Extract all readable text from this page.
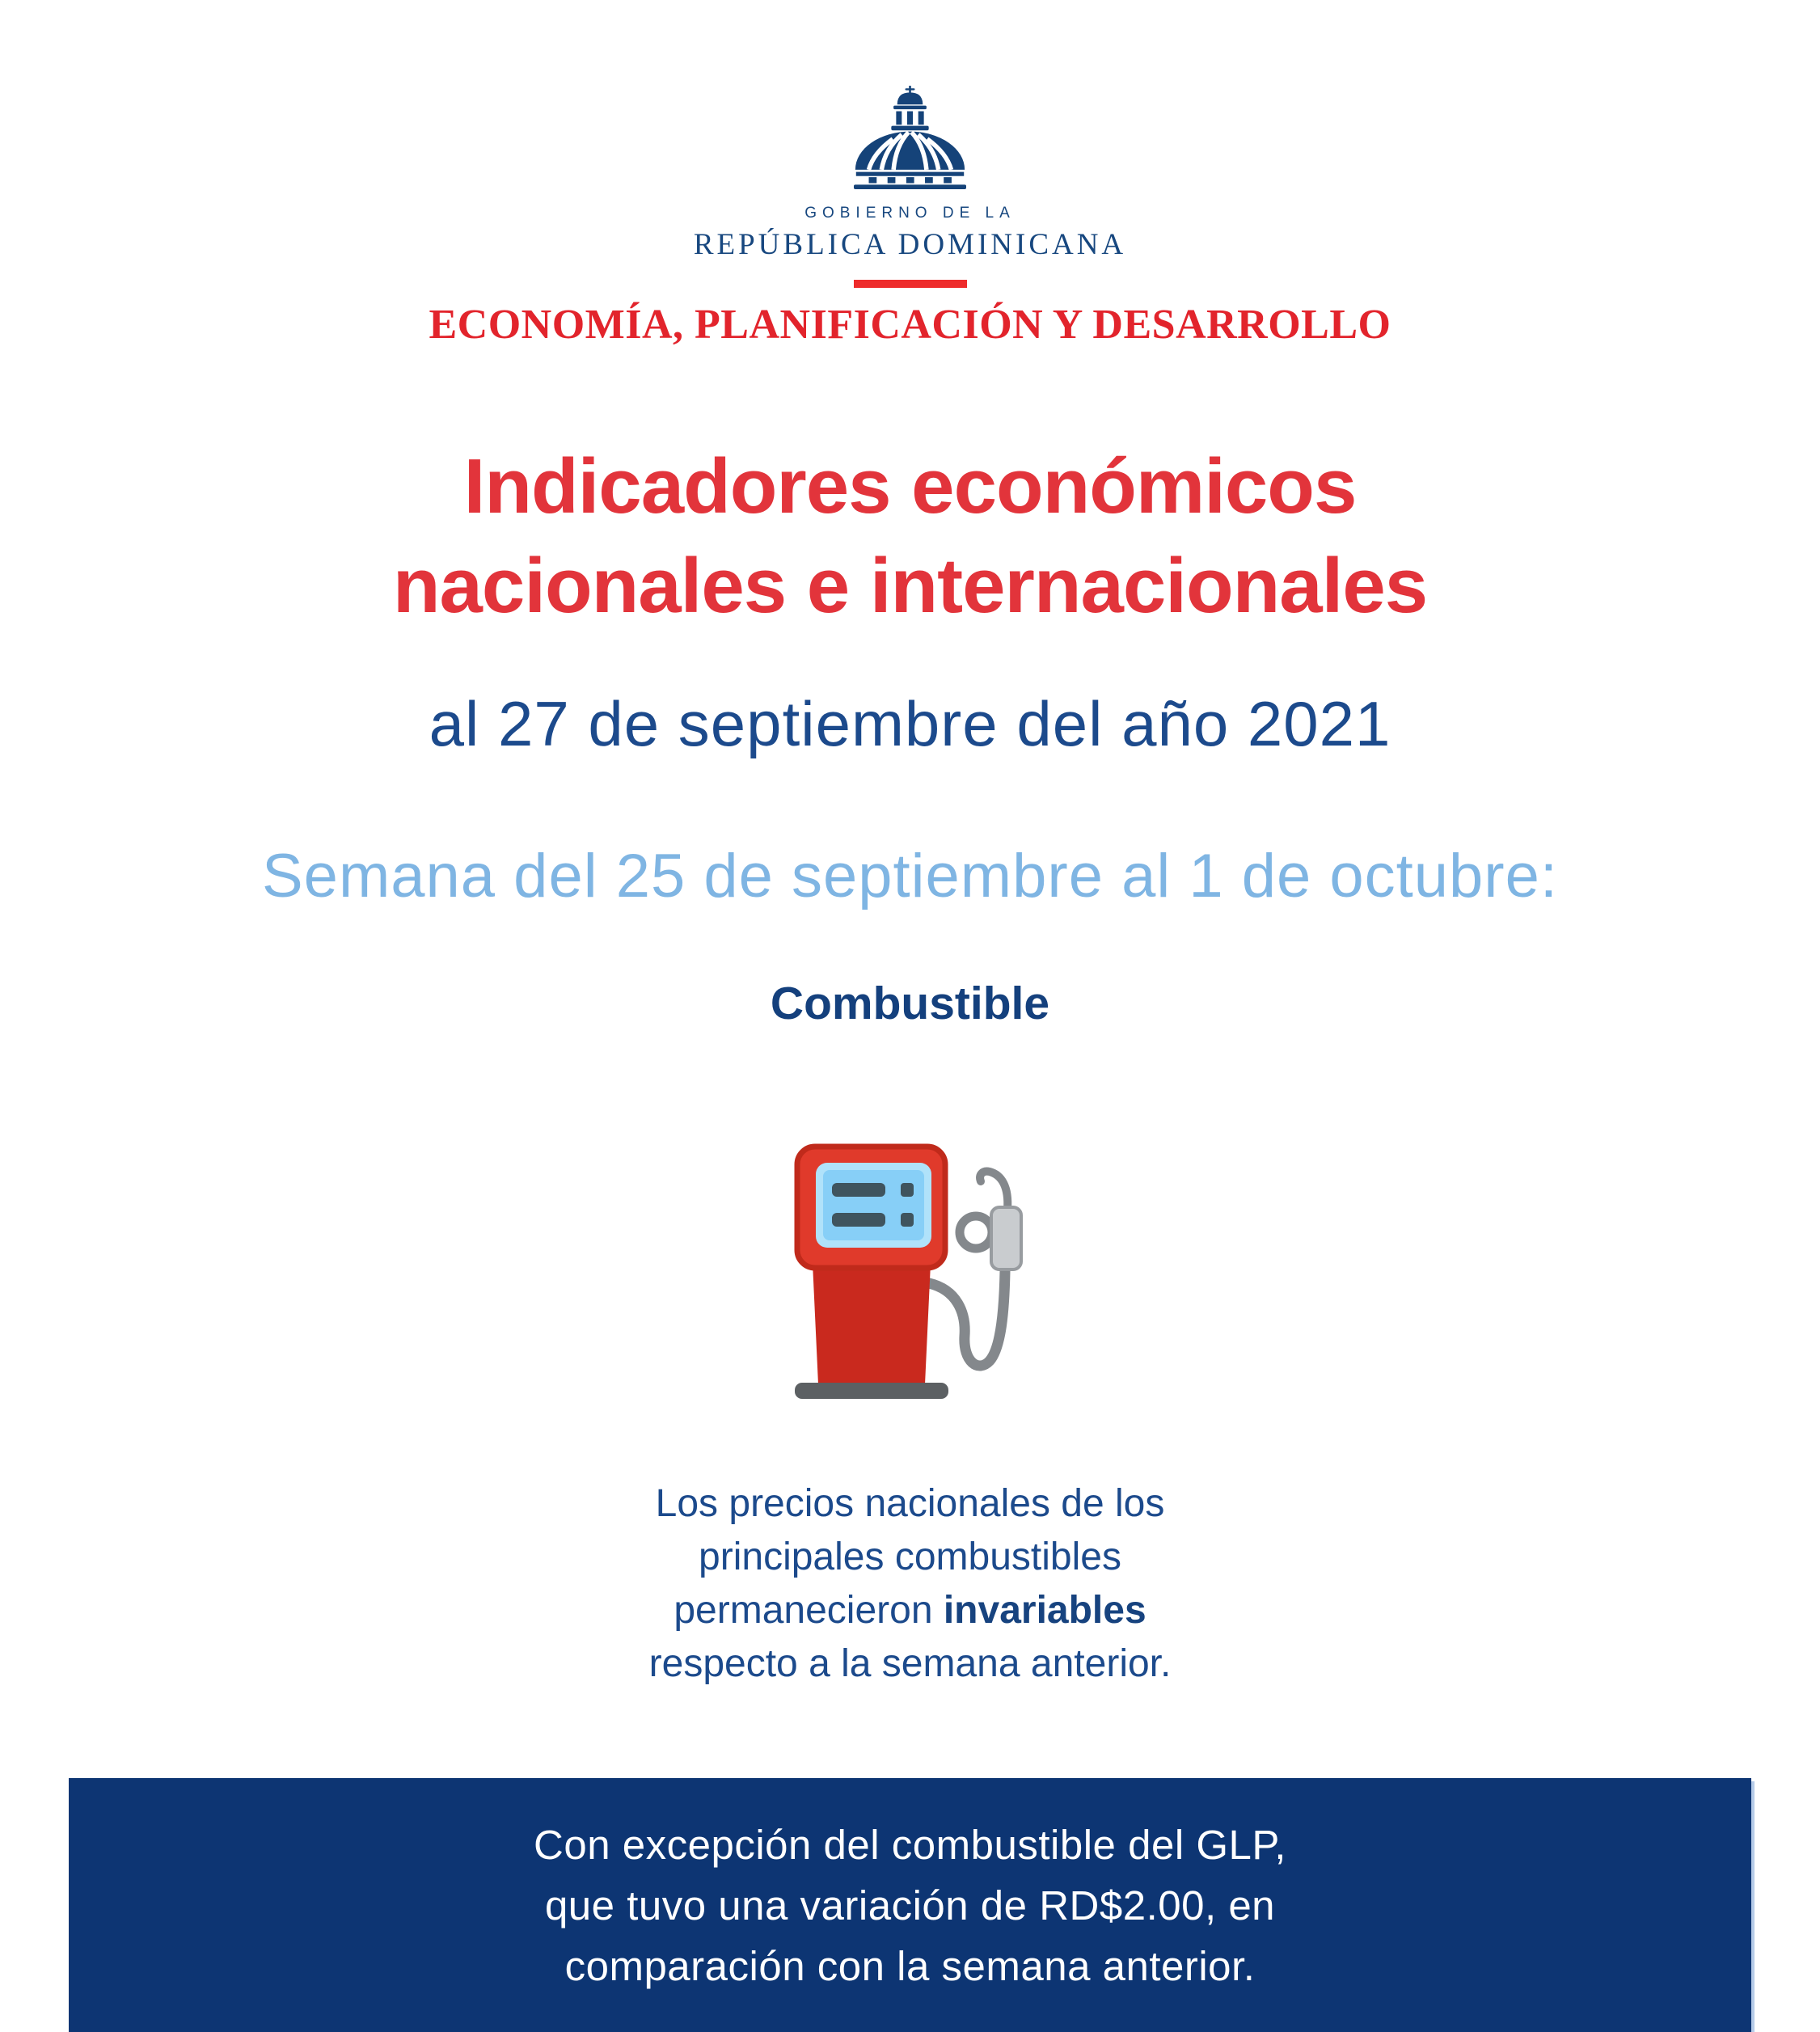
GOBIERNO DE LA
REPÚBLICA DOMINICANA
ECONOMÍA, PLANIFICACIÓN Y DESARROLLO
Indicadores económicos
nacionales e internacionales
al 27 de septiembre del año 2021
Semana del 25 de septiembre al 1 de octubre:
Combustible

Los precios nacionales de los
principales combustibles
permanecieron invariables
respecto a la semana anterior.

Con excepción del combustible del GLP,
que tuvo una variación de RD$2.00, en
comparación con la semana anterior.
